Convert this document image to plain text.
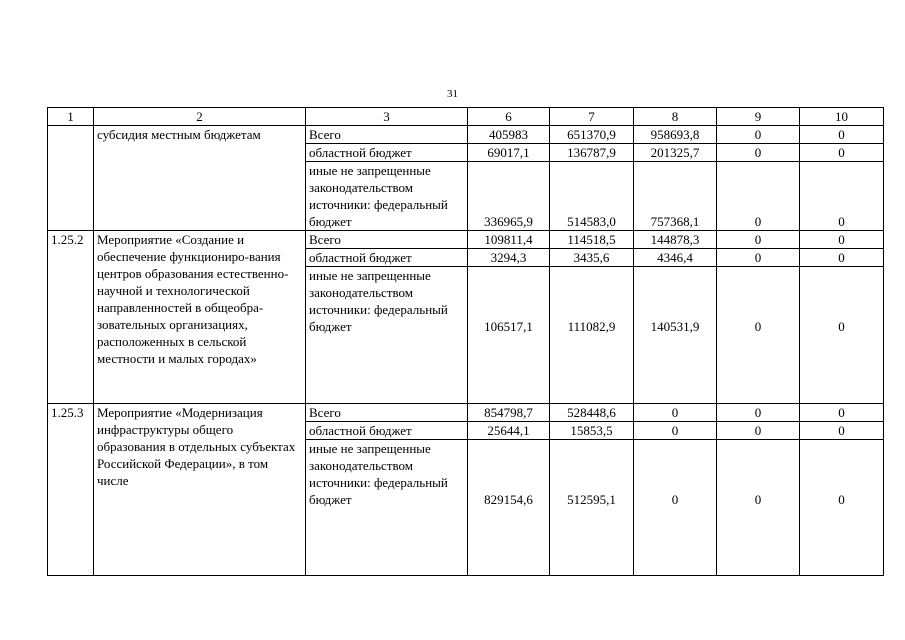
31
1	2	3	6	7	8	9	10
	субсидия местным бюджетам	Всего	405983	651370,9	958693,8	0	0
		областной бюджет	69017,1	136787,9	201325,7	0	0
		иные не запрещенные законодательством источники: федеральный бюджет	336965,9	514583,0	757368,1	0	0
1.25.2	Мероприятие «Создание и обеспечение функциониро-вания центров образования естественно-научной и технологической направленностей в общеобра-зовательных организациях, расположенных в сельской местности и малых городах»	Всего	109811,4	114518,5	144878,3	0	0
		областной бюджет	3294,3	3435,6	4346,4	0	0
		иные не запрещенные законодательством источники: федеральный бюджет	106517,1	111082,9	140531,9	0	0
1.25.3	Мероприятие «Модернизация инфраструктуры общего образования в отдельных субъектах Российской Федерации», в том числе	Всего	854798,7	528448,6	0	0	0
		областной бюджет	25644,1	15853,5	0	0	0
		иные не запрещенные законодательством источники: федеральный бюджет	829154,6	512595,1	0	0	0
